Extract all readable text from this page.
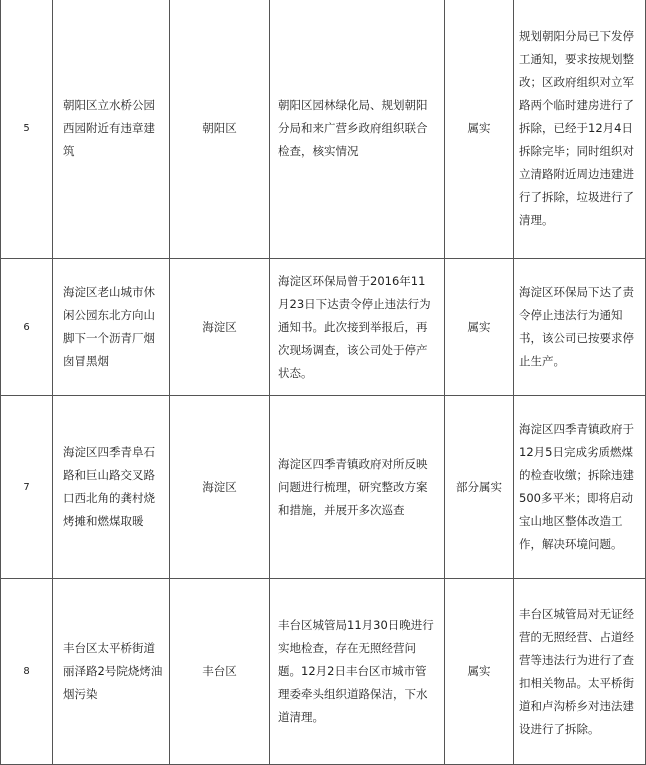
5	朝阳区立水桥公园西园附近有违章建筑	朝阳区	朝阳区园林绿化局、规划朝阳分局和来广营乡政府组织联合检查，核实情况	属实	规划朝阳分局已下发停工通知，要求按规划整改；区政府组织对立军路两个临时建房进行了拆除，已经于12月4日拆除完毕；同时组织对立清路附近周边违建进行了拆除，垃圾进行了清理。
6	海淀区老山城市休闲公园东北方向山脚下一个沥青厂烟囱冒黑烟	海淀区	海淀区环保局曾于2016年11月23日下达责令停止违法行为通知书。此次接到举报后，再次现场调查，该公司处于停产状态。	属实	海淀区环保局下达了责令停止违法行为通知书，该公司已按要求停止生产。
7	海淀区四季青阜石路和巨山路交叉路口西北角的龚村烧烤摊和燃煤取暖	海淀区	海淀区四季青镇政府对所反映问题进行梳理，研究整改方案和措施，并展开多次巡查	部分属实	海淀区四季青镇政府于12月5日完成劣质燃煤的检查收缴；拆除违建500多平米；即将启动宝山地区整体改造工作，解决环境问题。
8	丰台区太平桥街道丽泽路2号院烧烤油烟污染	丰台区	丰台区城管局11月30日晚进行实地检查，存在无照经营问题。12月2日丰台区市城市管理委牵头组织道路保洁，下水道清理。	属实	丰台区城管局对无证经营的无照经营、占道经营等违法行为进行了查扣相关物品。太平桥街道和卢沟桥乡对违法建设进行了拆除。
